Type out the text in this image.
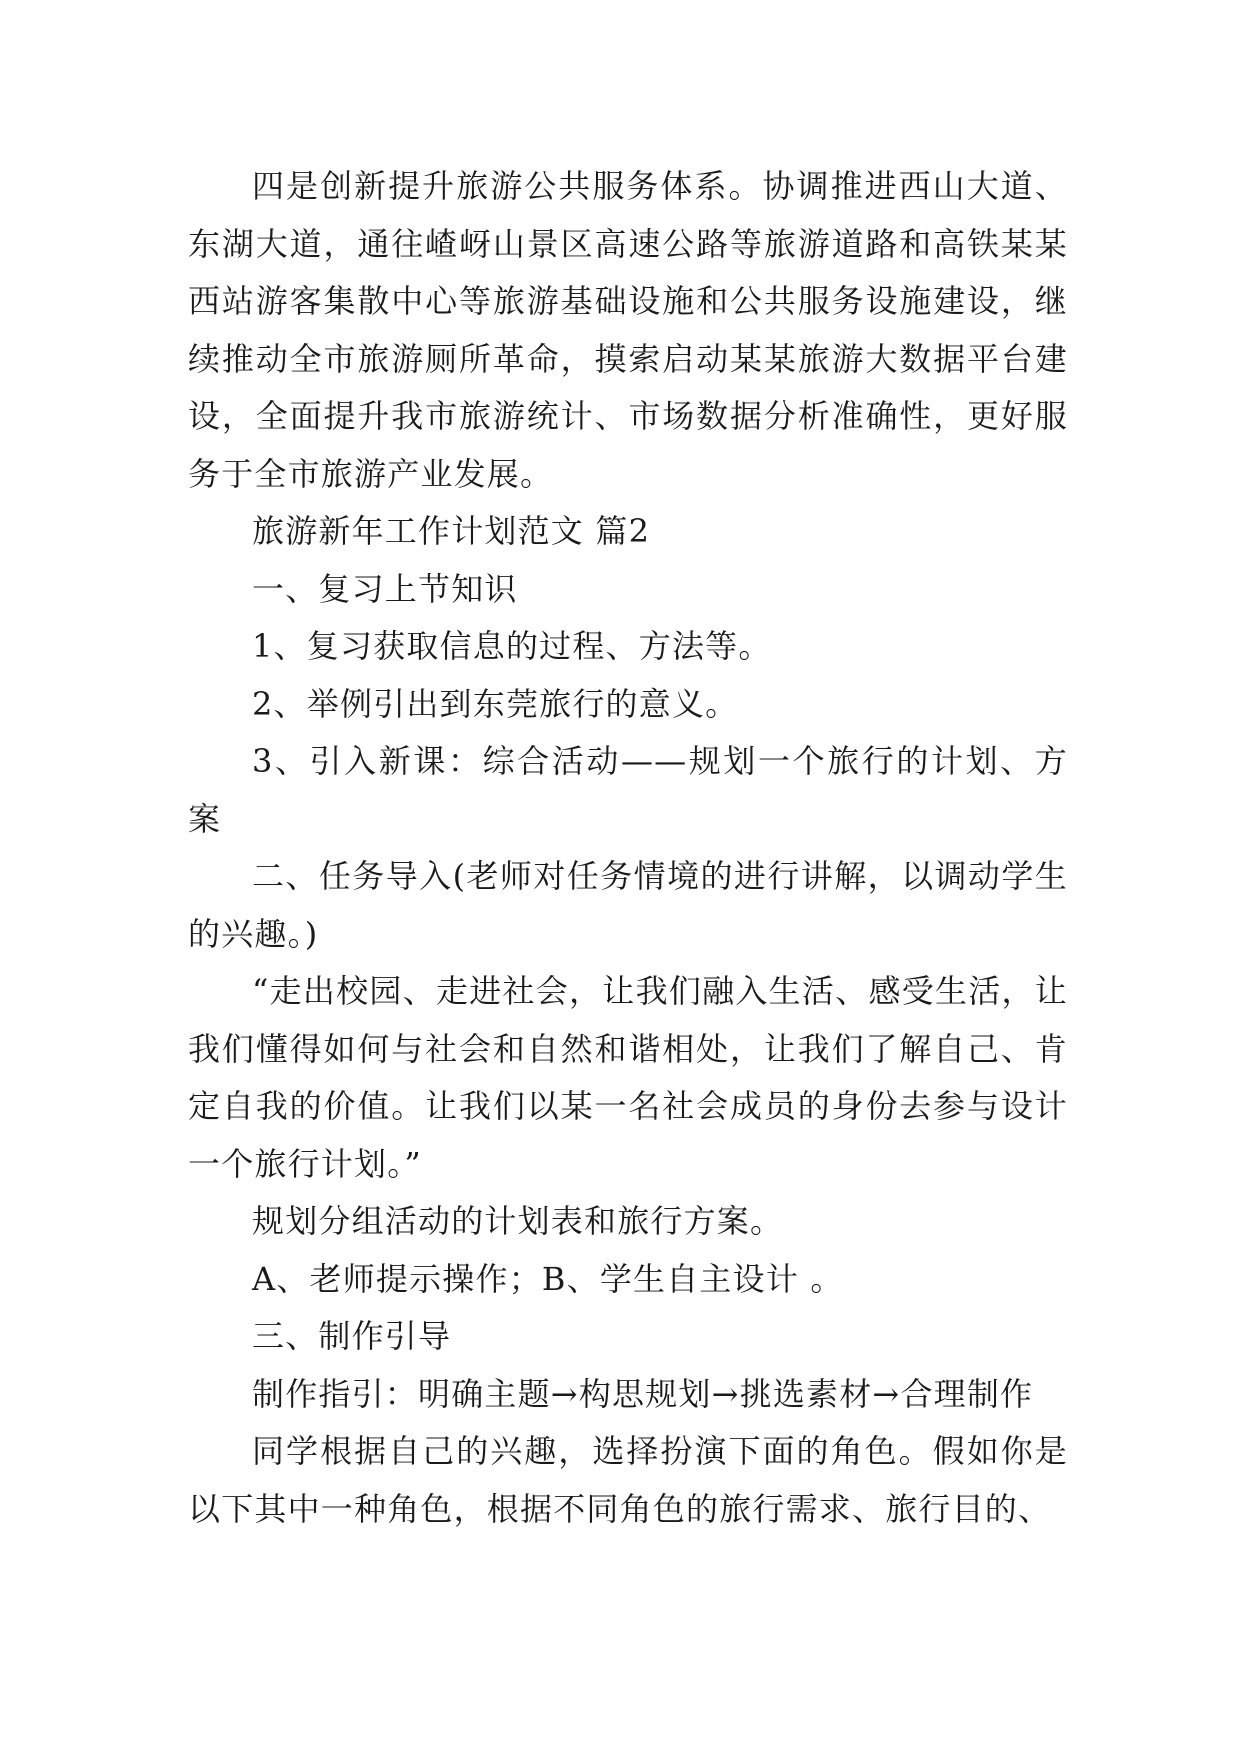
四是创新提升旅游公共服务体系。协调推进西山大道、东湖大道，通往嵖岈山景区高速公路等旅游道路和高铁某某西站游客集散中心等旅游基础设施和公共服务设施建设，继续推动全市旅游厕所革命，摸索启动某某旅游大数据平台建设，全面提升我市旅游统计、市场数据分析准确性，更好服务于全市旅游产业发展。

旅游新年工作计划范文 篇2

一、复习上节知识

1、复习获取信息的过程、方法等。

2、举例引出到东莞旅行的意义。

3、引入新课：综合活动——规划一个旅行的计划、方案

二、任务导入(老师对任务情境的进行讲解，以调动学生的兴趣。)

“走出校园、走进社会，让我们融入生活、感受生活，让我们懂得如何与社会和自然和谐相处，让我们了解自己、肯定自我的价值。让我们以某一名社会成员的身份去参与设计一个旅行计划。”

规划分组活动的计划表和旅行方案。

A、老师提示操作；B、学生自主设计 。

三、制作引导

制作指引：明确主题→构思规划→挑选素材→合理制作

同学根据自己的兴趣，选择扮演下面的角色。假如你是以下其中一种角色，根据不同角色的旅行需求、旅行目的、
